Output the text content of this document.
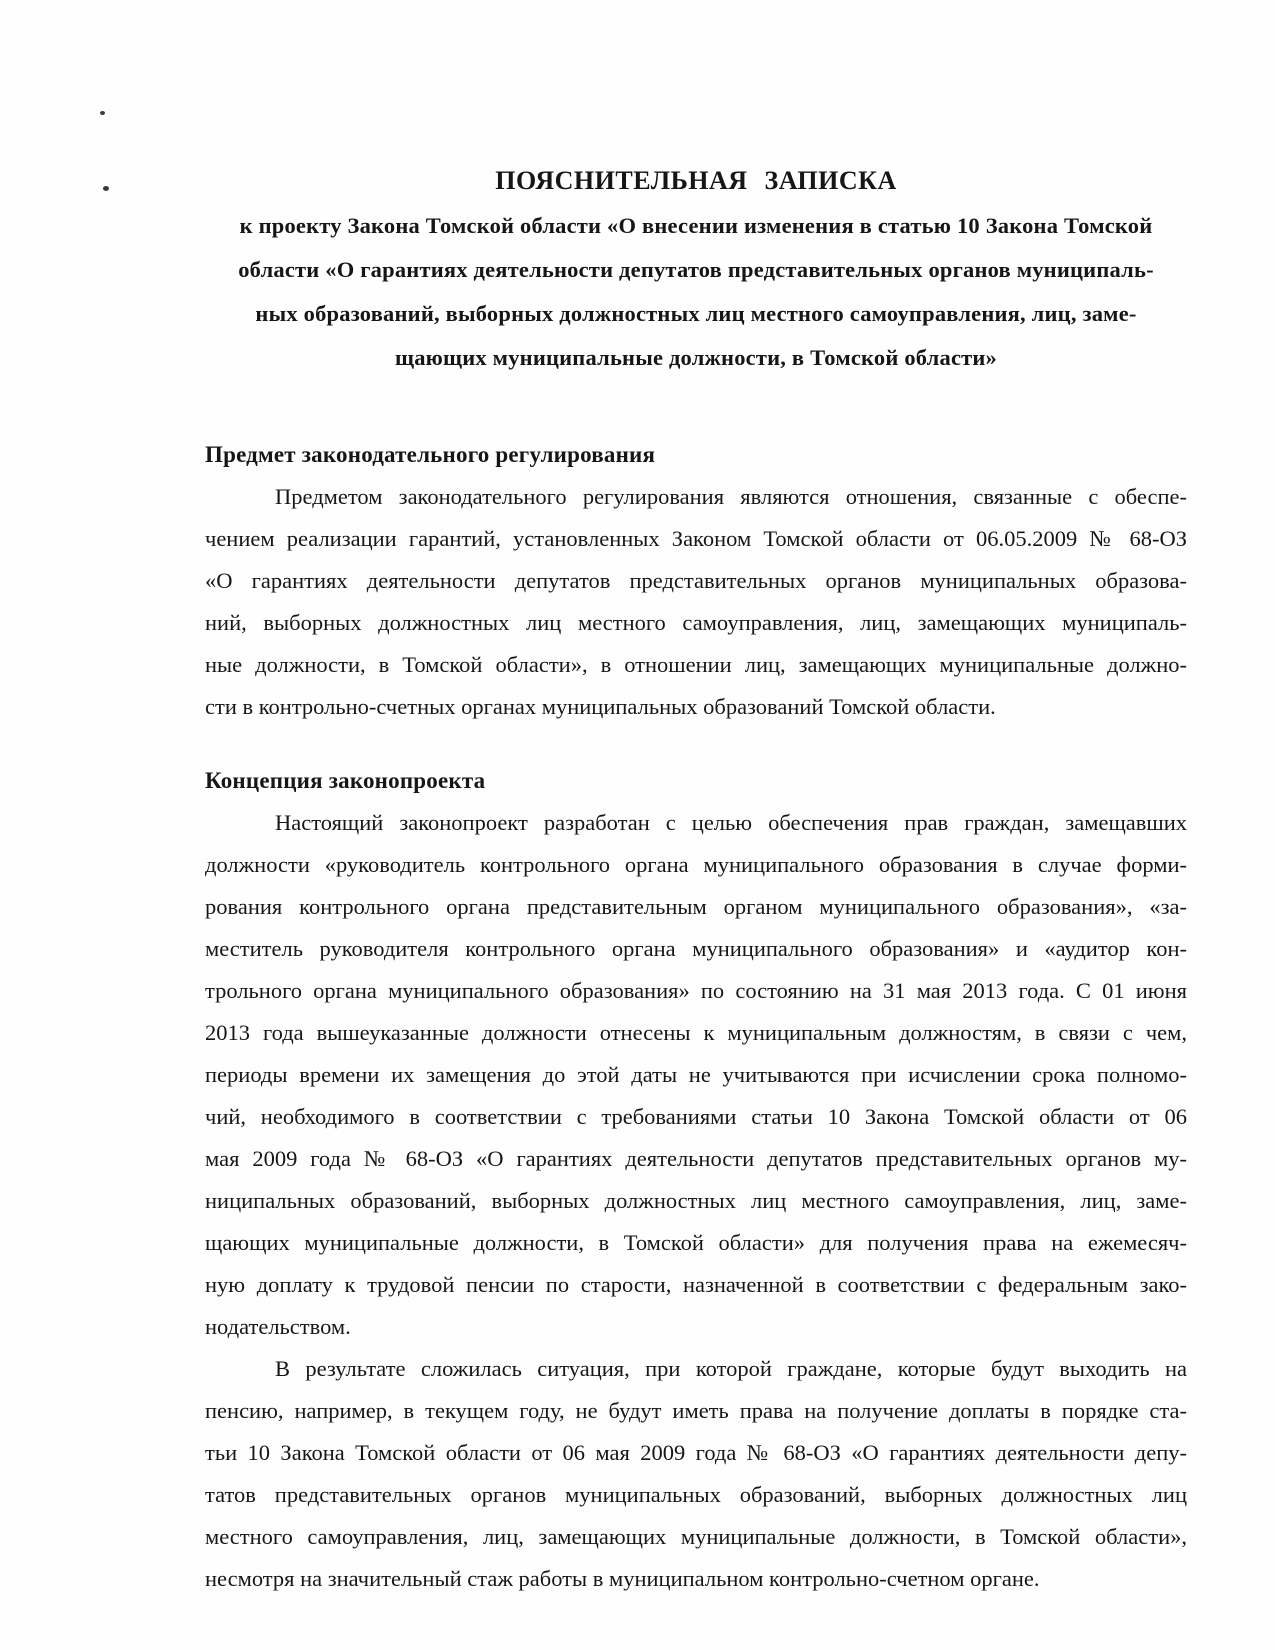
ПОЯСНИТЕЛЬНАЯ ЗАПИСКА
к проекту Закона Томской области «О внесении изменения в статью 10 Закона Томской
области «О гарантиях деятельности депутатов представительных органов муниципаль-
ных образований, выборных должностных лиц местного самоуправления, лиц, заме-
щающих муниципальные должности, в Томской области»
Предмет законодательного регулирования
Предметом законодательного регулирования являются отношения, связанные с обеспе-
чением реализации гарантий, установленных Законом Томской области от 06.05.2009 № 68-ОЗ
«О гарантиях деятельности депутатов представительных органов муниципальных образова-
ний, выборных должностных лиц местного самоуправления, лиц, замещающих муниципаль-
ные должности, в Томской области», в отношении лиц, замещающих муниципальные должно-
сти в контрольно-счетных органах муниципальных образований Томской области.
Концепция законопроекта
Настоящий законопроект разработан с целью обеспечения прав граждан, замещавших
должности «руководитель контрольного органа муниципального образования в случае форми-
рования контрольного органа представительным органом муниципального образования», «за-
меститель руководителя контрольного органа муниципального образования» и «аудитор кон-
трольного органа муниципального образования» по состоянию на 31 мая 2013 года. С 01 июня
2013 года вышеуказанные должности отнесены к муниципальным должностям, в связи с чем,
периоды времени их замещения до этой даты не учитываются при исчислении срока полномо-
чий, необходимого в соответствии с требованиями статьи 10 Закона Томской области от 06
мая 2009 года № 68-ОЗ «О гарантиях деятельности депутатов представительных органов му-
ниципальных образований, выборных должностных лиц местного самоуправления, лиц, заме-
щающих муниципальные должности, в Томской области» для получения права на ежемесяч-
ную доплату к трудовой пенсии по старости, назначенной в соответствии с федеральным зако-
нодательством.
В результате сложилась ситуация, при которой граждане, которые будут выходить на
пенсию, например, в текущем году, не будут иметь права на получение доплаты в порядке ста-
тьи 10 Закона Томской области от 06 мая 2009 года № 68-ОЗ «О гарантиях деятельности депу-
татов представительных органов муниципальных образований, выборных должностных лиц
местного самоуправления, лиц, замещающих муниципальные должности, в Томской области»,
несмотря на значительный стаж работы в муниципальном контрольно-счетном органе.
